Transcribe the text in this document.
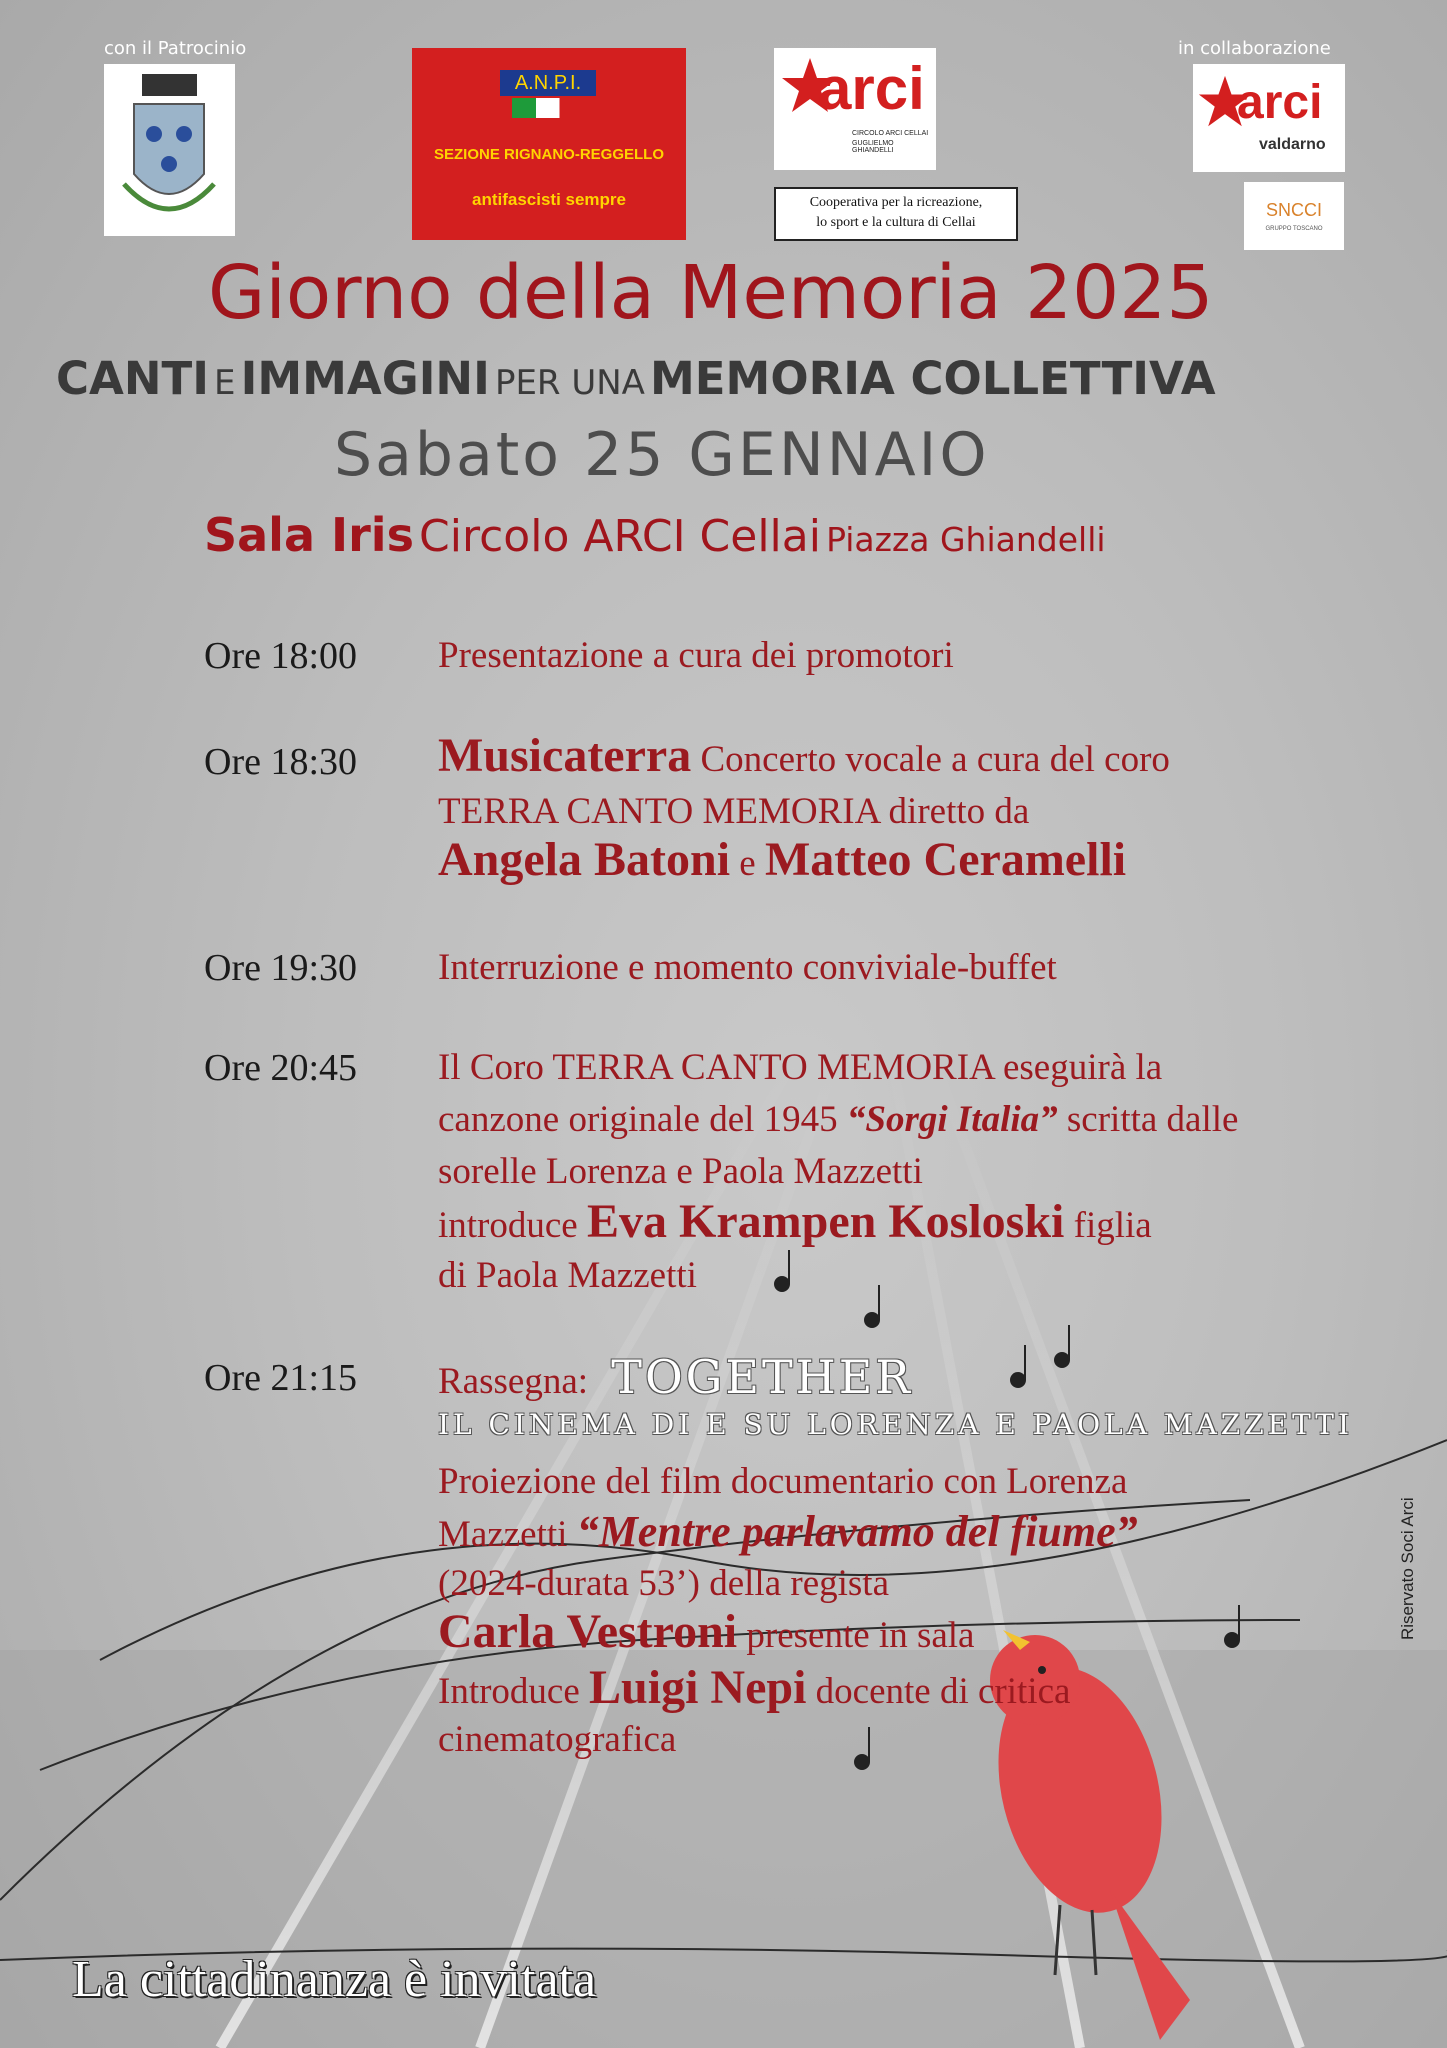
con il Patrocinio
A.N.P.I.
SEZIONE RIGNANO-REGGELLO
antifascisti sempre
arci
CIRCOLO ARCI CELLAI
GUGLIELMO GHIANDELLI
Cooperativa per la ricreazione,
lo sport e la cultura di Cellai
in collaborazione
arci
valdarno
SNCCI
GRUPPO TOSCANO
Giorno della Memoria 2025
CANTI E IMMAGINI PER UNA MEMORIA COLLETTIVA
Sabato 25 GENNAIO
Sala Iris Circolo ARCI Cellai Piazza Ghiandelli
Ore 18:00 Presentazione a cura dei promotori
Ore 18:30 Musicaterra Concerto vocale a cura del coro
TERRA CANTO MEMORIA diretto da
Angela Batoni e Matteo Ceramelli
Ore 19:30 Interruzione e momento conviviale-buffet
Ore 20:45 Il Coro TERRA CANTO MEMORIA eseguirà la
canzone originale del 1945 “Sorgi Italia” scritta dalle
sorelle Lorenza e Paola Mazzetti
introduce Eva Krampen Kosloski figlia
di Paola Mazzetti
Ore 21:15 Rassegna: TOGETHER
IL CINEMA DI E SU LORENZA E PAOLA MAZZETTI
Proiezione del film documentario con Lorenza
Mazzetti “Mentre parlavamo del fiume”
(2024-durata 53’) della regista
Carla Vestroni presente in sala
Introduce Luigi Nepi docente di critica
cinematografica
La cittadinanza è invitata
Riservato Soci Arci
